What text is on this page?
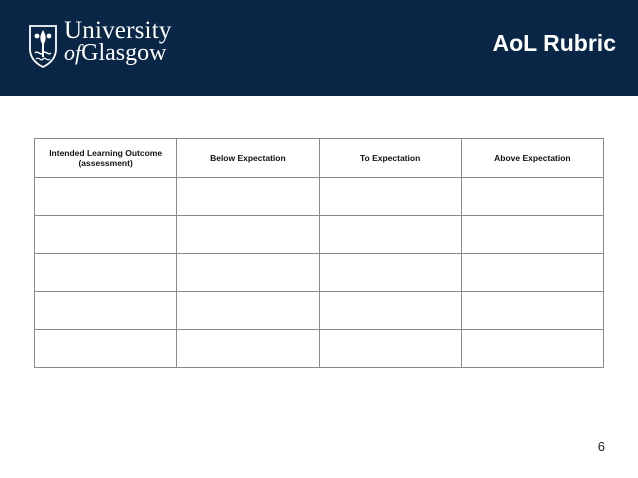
University
ofGlasgow	AoL Rubric
Intended Learning Outcome (assessment)	Below Expectation	To Expectation	Above Expectation

6
